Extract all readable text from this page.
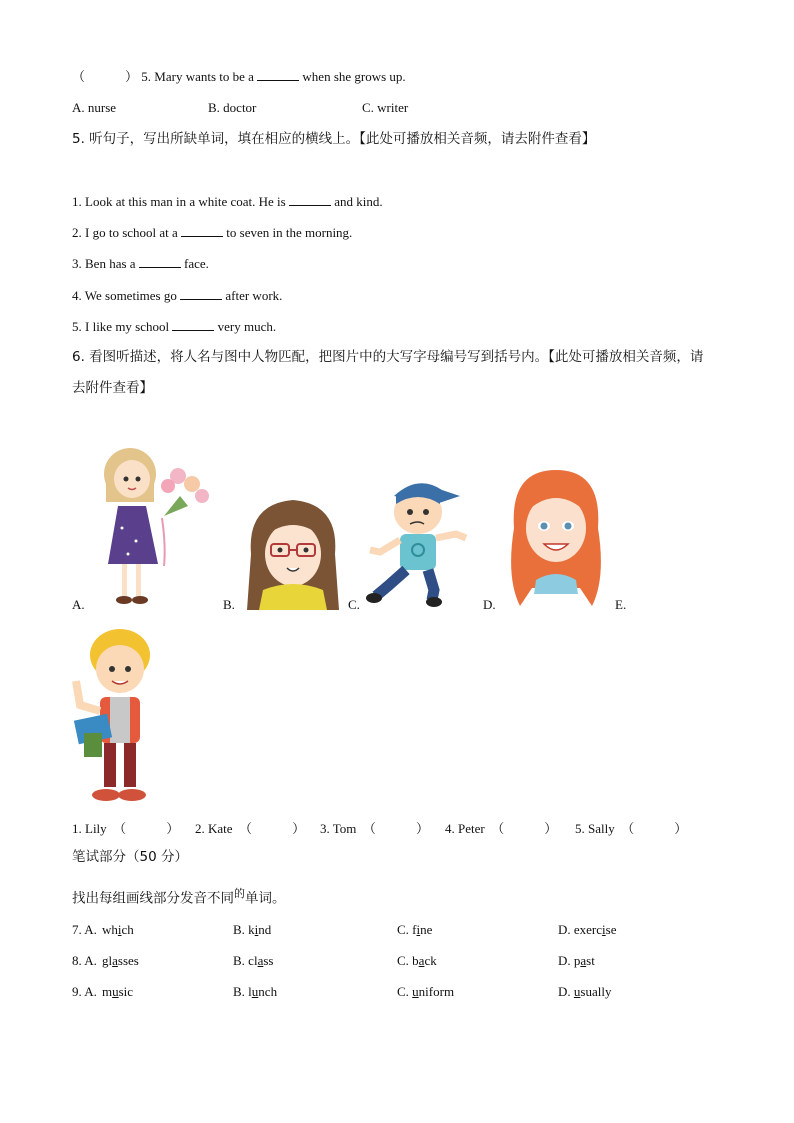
（	） 5. Mary wants to be a	when she grows up.
A. nurse	B. doctor	C. writer
5. 听句子，写出所缺单词，填在相应的横线上。【此处可播放相关音频，请去附件查看】
1. Look at this man in a white coat. He is	and kind.
2. I go to school at a	to seven in the morning.
3. Ben has a	face.
4. We sometimes go	after work.
5. I like my school	very much.
6. 看图听描述，将人名与图中人物匹配，把图片中的大写字母编号写到括号内。【此处可播放相关音频，请
去附件查看】
A.	B.	C.	D.	E.
1. Lily （	） 2. Kate （	） 3. Tom （	） 4. Peter （	） 5. Sally （	）
笔试部分（50 分）
找出每组画线部分发音不同$^的$单词。
7. A. which	B. kind	C. fine	D. exercise
8. A. glasses	B. class	C. back	D. past
9. A. music	B. lunch	C. uniform	D. usually
